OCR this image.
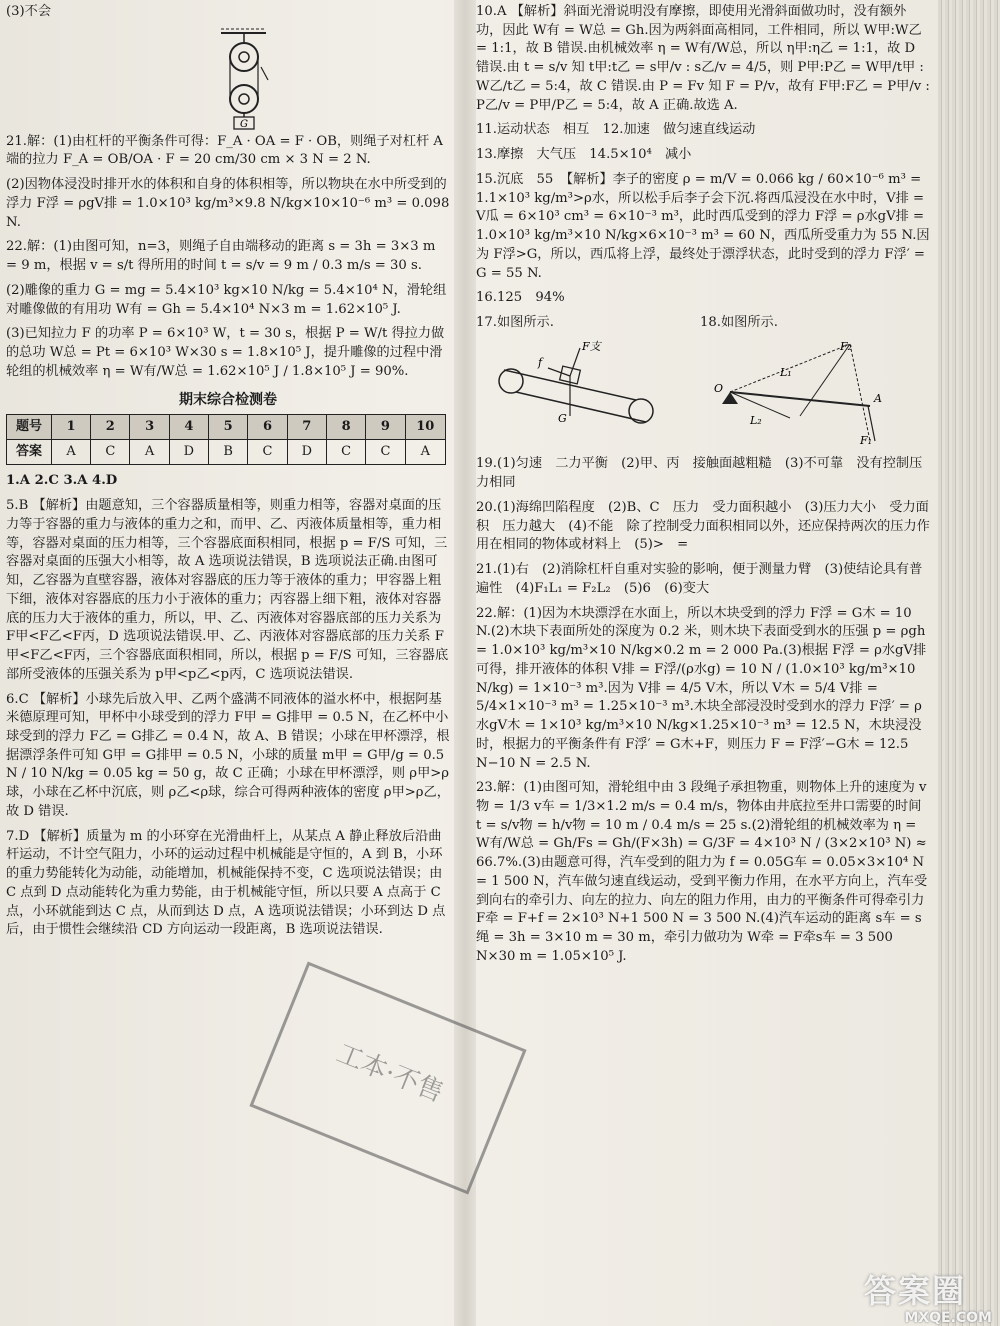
(3)不会
G
21.解：(1)由杠杆的平衡条件可得：F_A · OA = F · OB，则绳子对杠杆 A 端的拉力 F_A = OB/OA · F = 20 cm/30 cm × 3 N = 2 N.
(2)因物体浸没时排开水的体积和自身的体积相等，所以物块在水中所受到的浮力 F浮 = ρgV排 = 1.0×10³ kg/m³×9.8 N/kg×10×10⁻⁶ m³ = 0.098 N.
22.解：(1)由图可知，n=3，则绳子自由端移动的距离 s = 3h = 3×3 m = 9 m，根据 v = s/t 得所用的时间 t = s/v = 9 m / 0.3 m/s = 30 s.
(2)雕像的重力 G = mg = 5.4×10³ kg×10 N/kg = 5.4×10⁴ N，滑轮组对雕像做的有用功 W有 = Gh = 5.4×10⁴ N×3 m = 1.62×10⁵ J.
(3)已知拉力 F 的功率 P = 6×10³ W，t = 30 s，根据 P = W/t 得拉力做的总功 W总 = Pt = 6×10³ W×30 s = 1.8×10⁵ J，提升雕像的过程中滑轮组的机械效率 η = W有/W总 = 1.62×10⁵ J / 1.8×10⁵ J = 90%.
期末综合检测卷
题号	1	2	3	4	5	6	7	8	9	10
答案	A	C	A	D	B	C	D	C	C	A
1.A 2.C 3.A 4.D
5.B 【解析】由题意知，三个容器质量相等，则重力相等，容器对桌面的压力等于容器的重力与液体的重力之和，而甲、乙、丙液体质量相等，重力相等，容器对桌面的压力相等，三个容器底面积相同，根据 p = F/S 可知，三容器对桌面的压强大小相等，故 A 选项说法错误，B 选项说法正确.由图可知，乙容器为直壁容器，液体对容器底的压力等于液体的重力；甲容器上粗下细，液体对容器底的压力小于液体的重力；丙容器上细下粗，液体对容器底的压力大于液体的重力，所以，甲、乙、丙液体对容器底部的压力关系为 F甲<F乙<F丙，D 选项说法错误.甲、乙、丙液体对容器底部的压力关系 F甲<F乙<F丙，三个容器底面积相同，所以，根据 p = F/S 可知，三容器底部所受液体的压强关系为 p甲<p乙<p丙，C 选项说法错误.
6.C 【解析】小球先后放入甲、乙两个盛满不同液体的溢水杯中，根据阿基米德原理可知，甲杯中小球受到的浮力 F甲 = G排甲 = 0.5 N，在乙杯中小球受到的浮力 F乙 = G排乙 = 0.4 N，故 A、B 错误；小球在甲杯漂浮，根据漂浮条件可知 G甲 = G排甲 = 0.5 N，小球的质量 m甲 = G甲/g = 0.5 N / 10 N/kg = 0.05 kg = 50 g，故 C 正确；小球在甲杯漂浮，则 ρ甲>ρ球，小球在乙杯中沉底，则 ρ乙<ρ球，综合可得两种液体的密度 ρ甲>ρ乙，故 D 错误.
7.D 【解析】质量为 m 的小环穿在光滑曲杆上，从某点 A 静止释放后沿曲杆运动，不计空气阻力，小环的运动过程中机械能是守恒的，A 到 B，小环的重力势能转化为动能，动能增加，机械能保持不变，C 选项说法错误；由 C 点到 D 点动能转化为重力势能，由于机械能守恒，所以只要 A 点高于 C 点，小环就能到达 C 点，从而到达 D 点，A 选项说法错误；小环到达 D 点后，由于惯性会继续沿 CD 方向运动一段距离，B 选项说法错误.
10.A 【解析】斜面光滑说明没有摩擦，即使用光滑斜面做功时，没有额外功，因此 W有 = W总 = Gh.因为两斜面高相同，工件相同，所以 W甲:W乙 = 1:1，故 B 错误.由机械效率 η = W有/W总，所以 η甲:η乙 = 1:1，故 D 错误.由 t = s/v 知 t甲:t乙 = s甲/v : s乙/v = 4/5，则 P甲:P乙 = W甲/t甲 : W乙/t乙 = 5:4，故 C 错误.由 P = Fv 知 F = P/v，故有 F甲:F乙 = P甲/v : P乙/v = P甲/P乙 = 5:4，故 A 正确.故选 A.
11.运动状态　相互　12.加速　做匀速直线运动
13.摩擦　大气压　14.5×10⁴　减小
15.沉底　55　【解析】李子的密度 ρ = m/V = 0.066 kg / 60×10⁻⁶ m³ = 1.1×10³ kg/m³>ρ水，所以松手后李子会下沉.将西瓜浸没在水中时，V排 = V瓜 = 6×10³ cm³ = 6×10⁻³ m³，此时西瓜受到的浮力 F浮 = ρ水gV排 = 1.0×10³ kg/m³×10 N/kg×6×10⁻³ m³ = 60 N，西瓜所受重力为 55 N.因为 F浮>G，所以，西瓜将上浮，最终处于漂浮状态，此时受到的浮力 F浮′ = G = 55 N.
16.125　94%
17.如图所示.
f
F支
G
18.如图所示.
F₂
L₁
O
A
L₂
F₁
19.(1)匀速　二力平衡　(2)甲、丙　接触面越粗糙　(3)不可靠　没有控制压力相同
20.(1)海绵凹陷程度　(2)B、C　压力　受力面积越小　(3)压力大小　受力面积　压力越大　(4)不能　除了控制受力面积相同以外，还应保持两次的压力作用在相同的物体或材料上　(5)>　=
21.(1)右　(2)消除杠杆自重对实验的影响，便于测量力臂　(3)使结论具有普遍性　(4)F₁L₁ = F₂L₂　(5)6　(6)变大
22.解：(1)因为木块漂浮在水面上，所以木块受到的浮力 F浮 = G木 = 10 N.(2)木块下表面所处的深度为 0.2 米，则木块下表面受到水的压强 p = ρgh = 1.0×10³ kg/m³×10 N/kg×0.2 m = 2 000 Pa.(3)根据 F浮 = ρ水gV排 可得，排开液体的体积 V排 = F浮/(ρ水g) = 10 N / (1.0×10³ kg/m³×10 N/kg) = 1×10⁻³ m³.因为 V排 = 4/5 V木，所以 V木 = 5/4 V排 = 5/4×1×10⁻³ m³ = 1.25×10⁻³ m³.木块全部浸没时受到水的浮力 F浮′ = ρ水gV木 = 1×10³ kg/m³×10 N/kg×1.25×10⁻³ m³ = 12.5 N，木块浸没时，根据力的平衡条件有 F浮′ = G木+F，则压力 F = F浮′−G木 = 12.5 N−10 N = 2.5 N.
23.解：(1)由图可知，滑轮组中由 3 段绳子承担物重，则物体上升的速度为 v物 = 1/3 v车 = 1/3×1.2 m/s = 0.4 m/s，物体由井底拉至井口需要的时间 t = s/v物 = h/v物 = 10 m / 0.4 m/s = 25 s.(2)滑轮组的机械效率为 η = W有/W总 = Gh/Fs = Gh/(F×3h) = G/3F = 4×10³ N / (3×2×10³ N) ≈ 66.7%.(3)由题意可得，汽车受到的阻力为 f = 0.05G车 = 0.05×3×10⁴ N = 1 500 N，汽车做匀速直线运动，受到平衡力作用，在水平方向上，汽车受到向右的牵引力、向左的拉力、向左的阻力作用，由力的平衡条件可得牵引力 F牵 = F+f = 2×10³ N+1 500 N = 3 500 N.(4)汽车运动的距离 s车 = s绳 = 3h = 3×10 m = 30 m，牵引力做功为 W牵 = F牵s车 = 3 500 N×30 m = 1.05×10⁵ J.
工本·不售
答案圈
MXQE.COM
